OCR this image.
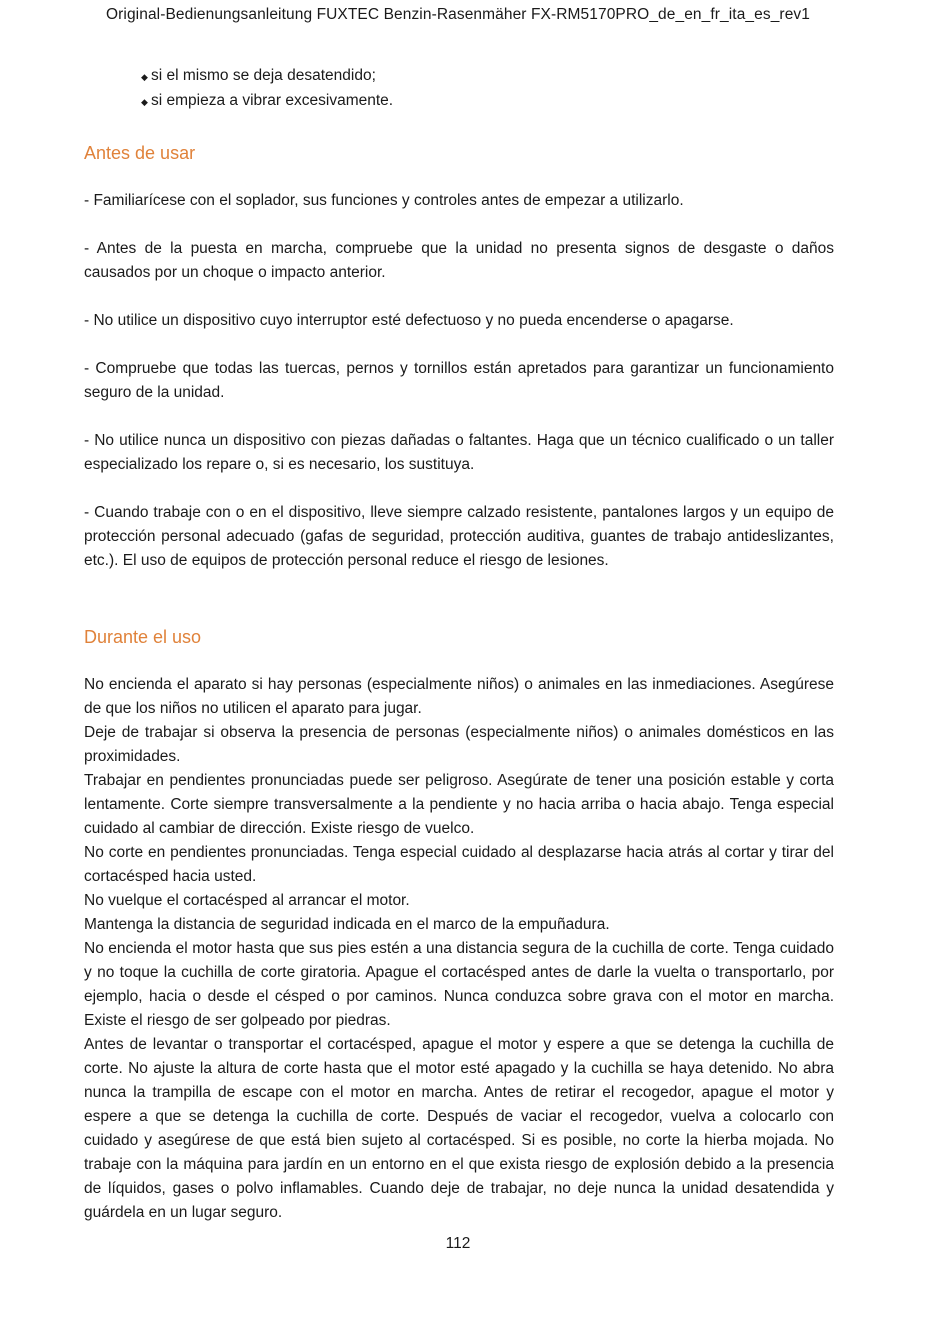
Original-Bedienungsanleitung FUXTEC Benzin-Rasenmäher FX-RM5170PRO_de_en_fr_ita_es_rev1
◆ si el mismo se deja desatendido;
◆ si empieza a vibrar excesivamente.
Antes de usar

- Familiarícese con el soplador, sus funciones y controles antes de empezar a utilizarlo.

- Antes de la puesta en marcha, compruebe que la unidad no presenta signos de desgaste o daños causados por un choque o impacto anterior.

- No utilice un dispositivo cuyo interruptor esté defectuoso y no pueda encenderse o apagarse.

- Compruebe que todas las tuercas, pernos y tornillos están apretados para garantizar un funcionamiento seguro de la unidad.

- No utilice nunca un dispositivo con piezas dañadas o faltantes. Haga que un técnico cualificado o un taller especializado los repare o, si es necesario, los sustituya.

- Cuando trabaje con o en el dispositivo, lleve siempre calzado resistente, pantalones largos y un equipo de protección personal adecuado (gafas de seguridad, protección auditiva, guantes de trabajo antideslizantes, etc.). El uso de equipos de protección personal reduce el riesgo de lesiones.

Durante el uso

No encienda el aparato si hay personas (especialmente niños) o animales en las inmediaciones. Asegúrese de que los niños no utilicen el aparato para jugar.

Deje de trabajar si observa la presencia de personas (especialmente niños) o animales domésticos en las proximidades.

Trabajar en pendientes pronunciadas puede ser peligroso. Asegúrate de tener una posición estable y corta lentamente. Corte siempre transversalmente a la pendiente y no hacia arriba o hacia abajo. Tenga especial cuidado al cambiar de dirección. Existe riesgo de vuelco.

No corte en pendientes pronunciadas. Tenga especial cuidado al desplazarse hacia atrás al cortar y tirar del cortacésped hacia usted.

No vuelque el cortacésped al arrancar el motor.

Mantenga la distancia de seguridad indicada en el marco de la empuñadura.

No encienda el motor hasta que sus pies estén a una distancia segura de la cuchilla de corte. Tenga cuidado y no toque la cuchilla de corte giratoria. Apague el cortacésped antes de darle la vuelta o transportarlo, por ejemplo, hacia o desde el césped o por caminos. Nunca conduzca sobre grava con el motor en marcha. Existe el riesgo de ser golpeado por piedras.

Antes de levantar o transportar el cortacésped, apague el motor y espere a que se detenga la cuchilla de corte. No ajuste la altura de corte hasta que el motor esté apagado y la cuchilla se haya detenido. No abra nunca la trampilla de escape con el motor en marcha. Antes de retirar el recogedor, apague el motor y espere a que se detenga la cuchilla de corte. Después de vaciar el recogedor, vuelva a colocarlo con cuidado y asegúrese de que está bien sujeto al cortacésped. Si es posible, no corte la hierba mojada. No trabaje con la máquina para jardín en un entorno en el que exista riesgo de explosión debido a la presencia de líquidos, gases o polvo inflamables. Cuando deje de trabajar, no deje nunca la unidad desatendida y guárdela en un lugar seguro.

112
